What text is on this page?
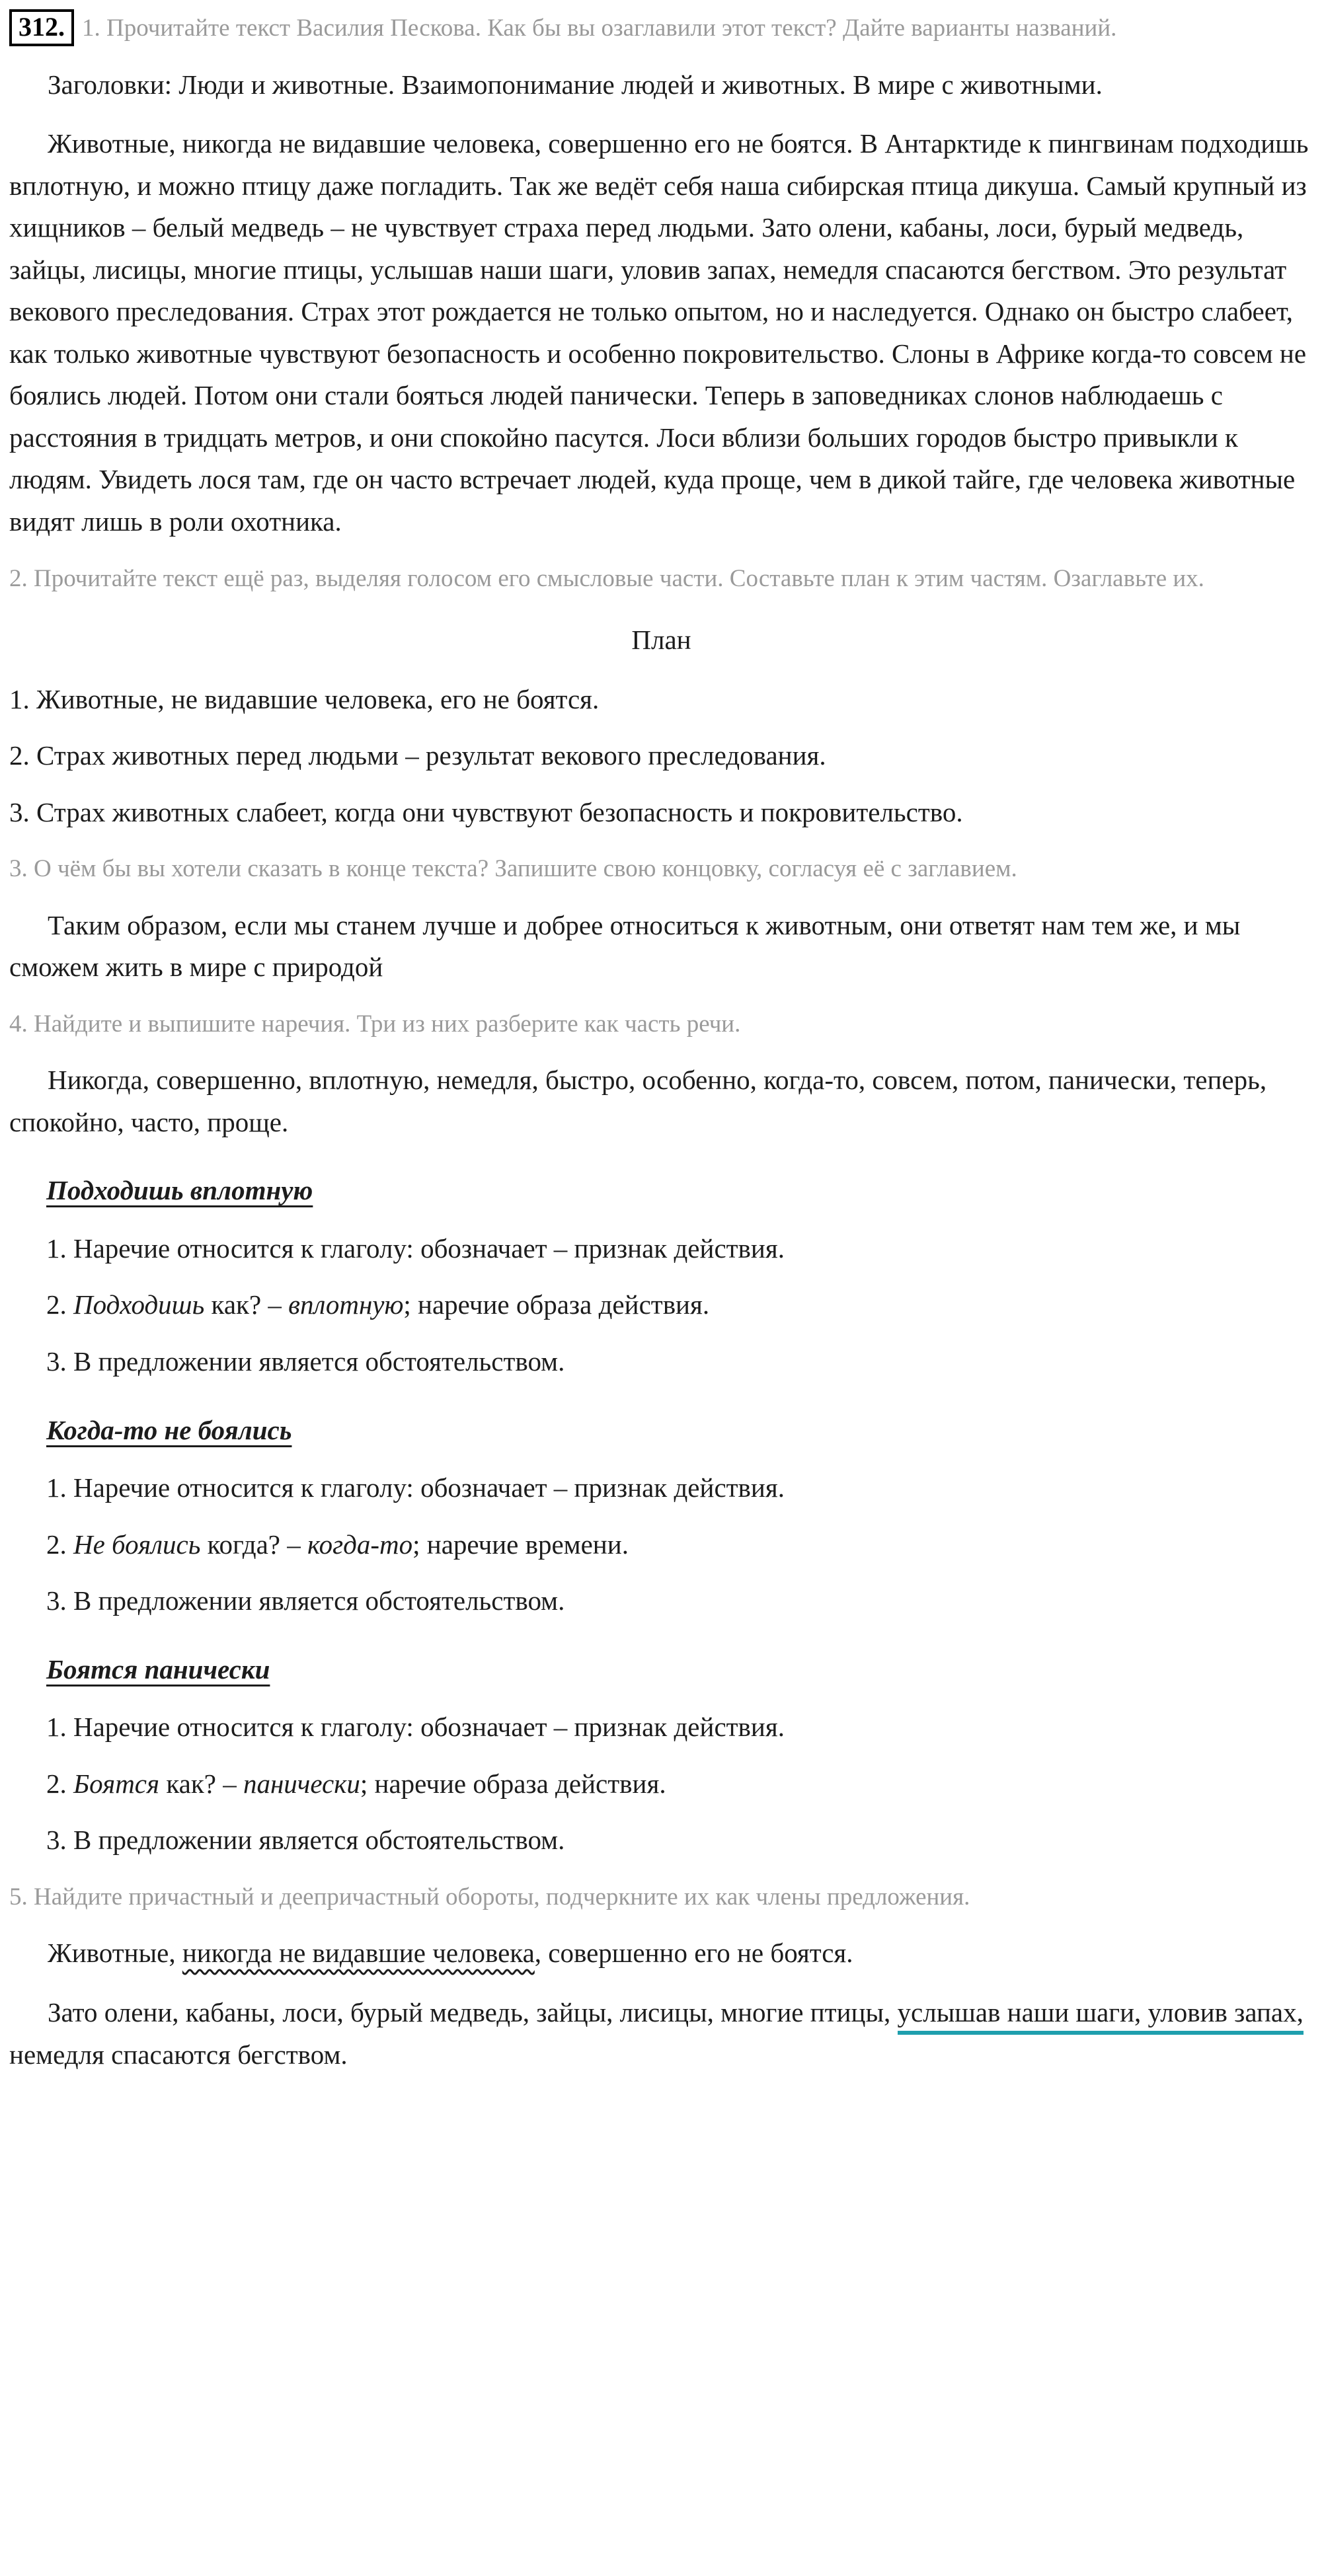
312. 1. Прочитайте текст Василия Пескова. Как бы вы озаглавили этот текст? Дайте варианты названий.

Заголовки: Люди и животные. Взаимопонимание людей и животных. В мире с животными.

Животные, никогда не видавшие человека, совершенно его не боятся. В Антарктиде к пингвинам подходишь вплотную, и можно птицу даже погладить. Так же ведёт себя наша сибирская птица дикуша. Самый крупный из хищников – белый медведь – не чувствует страха перед людьми. Зато олени, кабаны, лоси, бурый медведь, зайцы, лисицы, многие птицы, услышав наши шаги, уловив запах, немедля спасаются бегством. Это результат векового преследования. Страх этот рождается не только опытом, но и наследуется. Однако он быстро слабеет, как только животные чувствуют безопасность и особенно покровительство. Слоны в Африке когда-то совсем не боялись людей. Потом они стали бояться людей панически. Теперь в заповедниках слонов наблюдаешь с расстояния в тридцать метров, и они спокойно пасутся. Лоси вблизи больших городов быстро привыкли к людям. Увидеть лося там, где он часто встречает людей, куда проще, чем в дикой тайге, где человека животные видят лишь в роли охотника.

2. Прочитайте текст ещё раз, выделяя голосом его смысловые части. Составьте план к этим частям. Озаглавьте их.

План

1. Животные, не видавшие человека, его не боятся.

2. Страх животных перед людьми – результат векового преследования.

3. Страх животных слабеет, когда они чувствуют безопасность и покровительство.

3. О чём бы вы хотели сказать в конце текста? Запишите свою концовку, согласуя её с заглавием.

Таким образом, если мы станем лучше и добрее относиться к животным, они ответят нам тем же, и мы сможем жить в мире с природой

4. Найдите и выпишите наречия. Три из них разберите как часть речи.

Никогда, совершенно, вплотную, немедля, быстро, особенно, когда-то, совсем, потом, панически, теперь, спокойно, часто, проще.

Подходишь вплотную

1. Наречие относится к глаголу: обозначает – признак действия.

2. Подходишь как? – вплотную; наречие образа действия.

3. В предложении является обстоятельством.

Когда-то не боялись

1. Наречие относится к глаголу: обозначает – признак действия.

2. Не боялись когда? – когда-то; наречие времени.

3. В предложении является обстоятельством.

Боятся панически

1. Наречие относится к глаголу: обозначает – признак действия.

2. Боятся как? – панически; наречие образа действия.

3. В предложении является обстоятельством.

5. Найдите причастный и деепричастный обороты, подчеркните их как члены предложения.

Животные, никогда не видавшие человека, совершенно его не боятся.

Зато олени, кабаны, лоси, бурый медведь, зайцы, лисицы, многие птицы, услышав наши шаги, уловив запах, немедля спасаются бегством.
